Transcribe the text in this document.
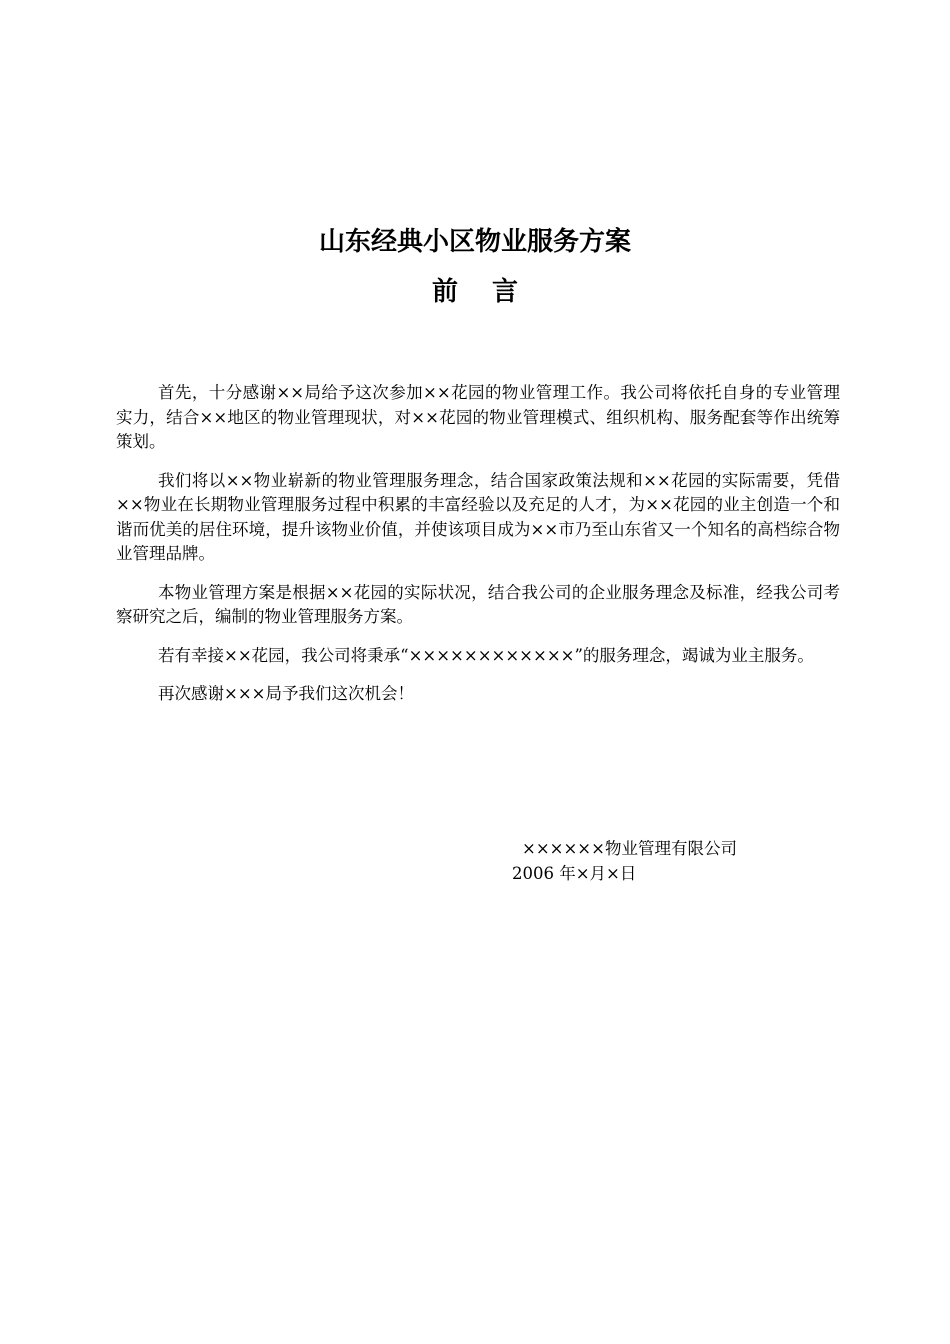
山东经典小区物业服务方案
前言

首先，十分感谢××局给予这次参加××花园的物业管理工作。我公司将依托自身的专业管理实力，结合××地区的物业管理现状，对××花园的物业管理模式、组织机构、服务配套等作出统筹策划。

我们将以××物业崭新的物业管理服务理念，结合国家政策法规和××花园的实际需要，凭借××物业在长期物业管理服务过程中积累的丰富经验以及充足的人才，为××花园的业主创造一个和谐而优美的居住环境，提升该物业价值，并使该项目成为××市乃至山东省又一个知名的高档综合物业管理品牌。

本物业管理方案是根据××花园的实际状况，结合我公司的企业服务理念及标准，经我公司考察研究之后，编制的物业管理服务方案。

若有幸接××花园，我公司将秉承“××××××××××××”的服务理念，竭诚为业主服务。

再次感谢×××局予我们这次机会！

××××××物业管理有限公司
2006 年×月×日
